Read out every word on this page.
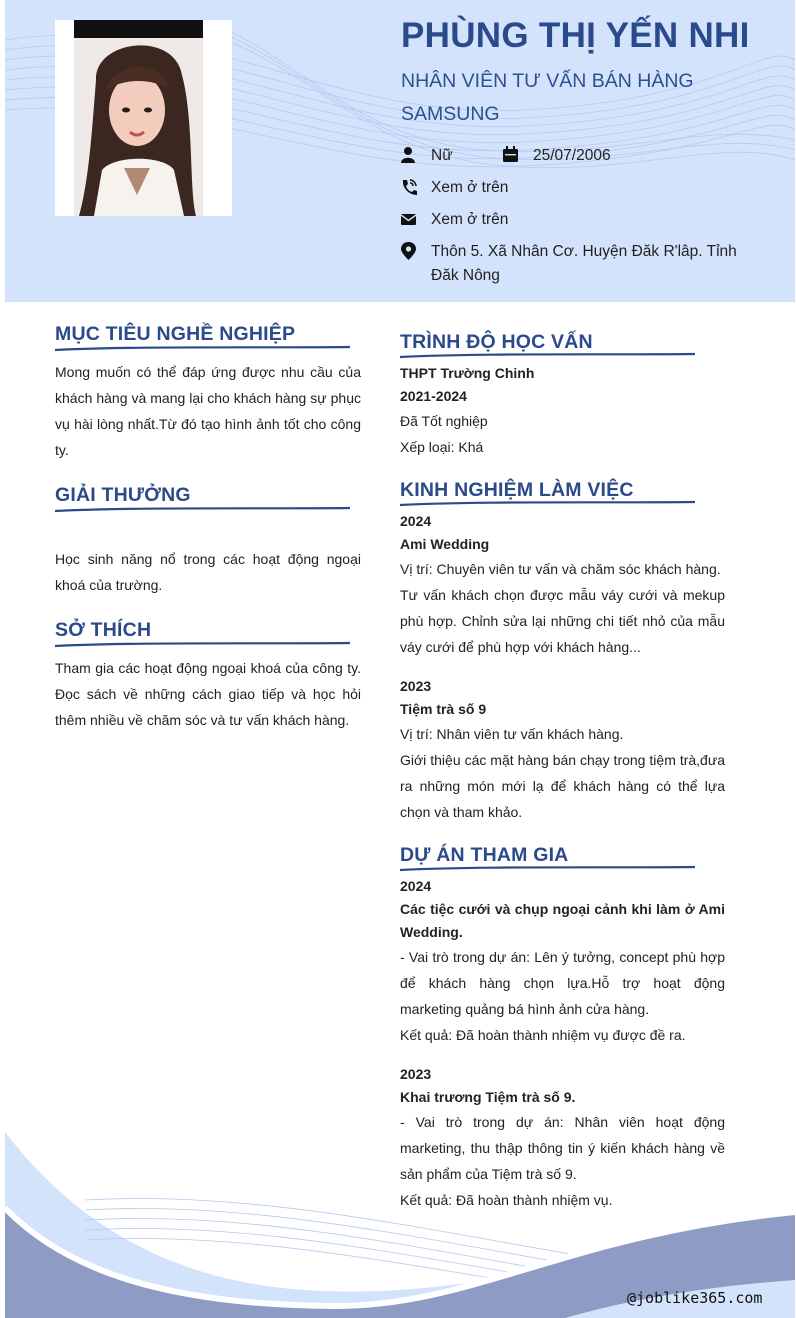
PHÙNG THỊ YẾN NHI
NHÂN VIÊN TƯ VẤN BÁN HÀNG SAMSUNG
Nữ	25/07/2006
Xem ở trên
Xem ở trên
Thôn 5. Xã Nhân Cơ. Huyện Đăk R'lâp. Tỉnh Đăk Nông
MỤC TIÊU NGHỀ NGHIỆP
Mong muốn có thể đáp ứng được nhu cầu của khách hàng và mang lại cho khách hàng sự phục vụ hài lòng nhất.Từ đó tạo hình ảnh tốt cho công ty.
GIẢI THƯỞNG
Học sinh năng nổ trong các hoạt động ngoại khoá của trường.
SỞ THÍCH
Tham gia các hoạt động ngoại khoá của công ty. Đọc sách về những cách giao tiếp và học hỏi thêm nhiều về chăm sóc và tư vấn khách hàng.
TRÌNH ĐỘ HỌC VẤN
THPT Trường Chinh
2021-2024
Đã Tốt nghiệp
Xếp loại: Khá
KINH NGHIỆM LÀM VIỆC
2024
Ami Wedding
Vị trí: Chuyên viên tư vấn và chăm sóc khách hàng.
Tư vấn khách chọn được mẫu váy cưới và mekup phù hợp. Chỉnh sửa lại những chi tiết nhỏ của mẫu váy cưới để phù hợp với khách hàng...
2023
Tiệm trà số 9
Vị trí: Nhân viên tư vấn khách hàng.
Giới thiệu các mặt hàng bán chạy trong tiệm trà,đưa ra những món mới lạ để khách hàng có thể lựa chọn và tham khảo.
DỰ ÁN THAM GIA
2024
Các tiệc cưới và chụp ngoại cảnh khi làm ở Ami Wedding.
- Vai trò trong dự án: Lên ý tưởng, concept phù hợp để khách hàng chọn lựa.Hỗ trợ hoạt động marketing quảng bá hình ảnh cửa hàng.
Kết quả: Đã hoàn thành nhiệm vụ được đề ra.
2023
Khai trương Tiệm trà số 9.
- Vai trò trong dự án: Nhân viên hoạt động marketing, thu thập thông tin ý kiến khách hàng về sản phẩm của Tiệm trà số 9.
Kết quả: Đã hoàn thành nhiệm vụ.
@joblike365.com
